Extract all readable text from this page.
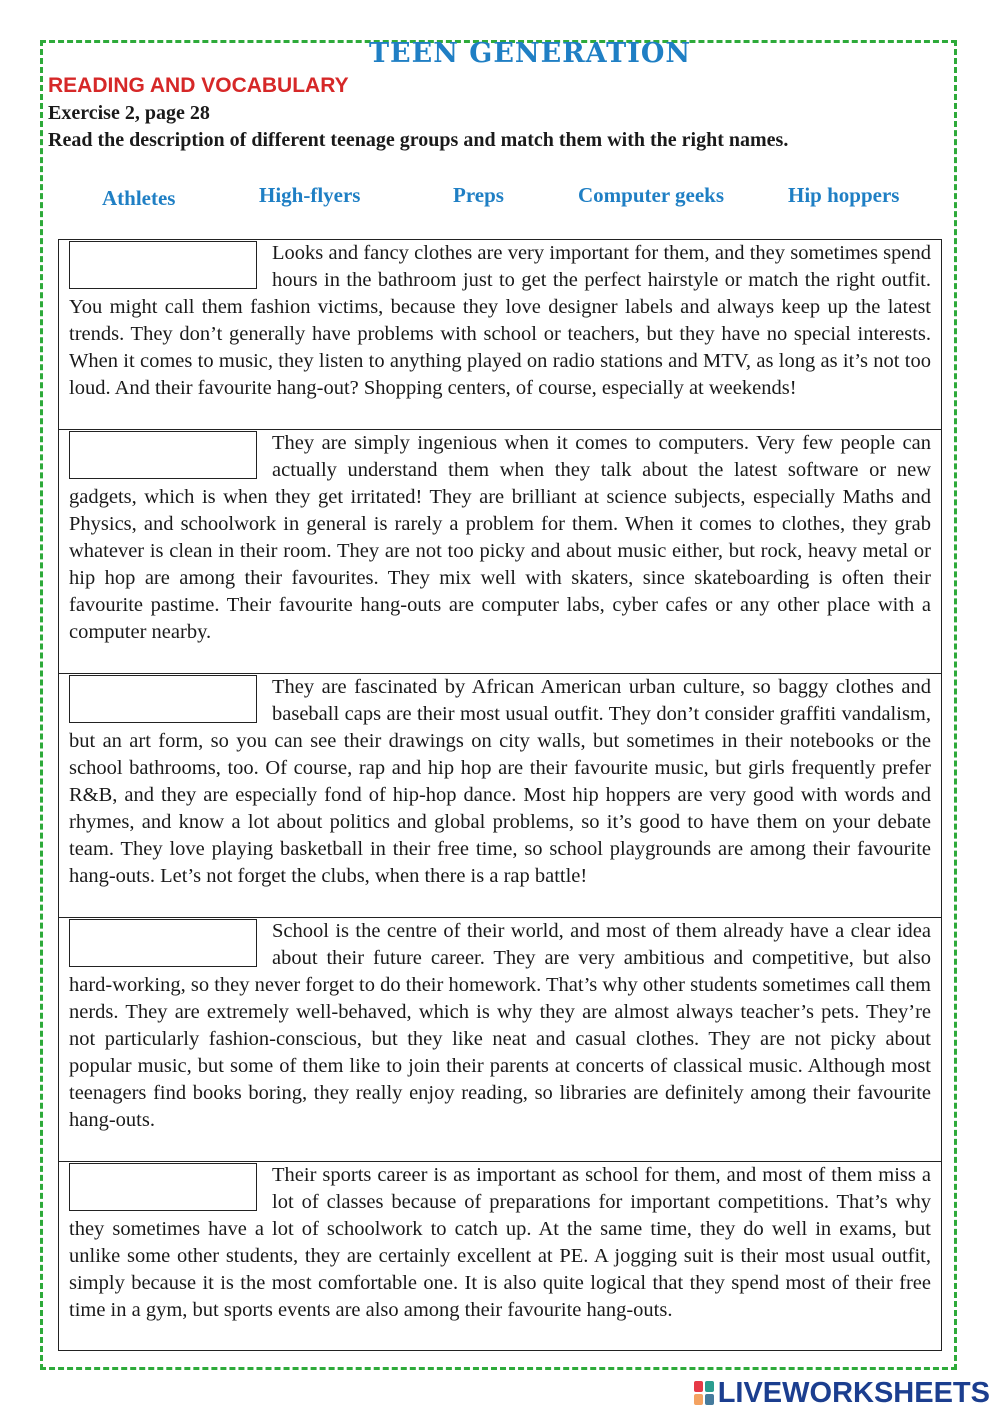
TEEN GENERATION
READING AND VOCABULARY
Exercise 2, page 28
Read the description of different teenage groups and match them with the right names.
Athletes	High-flyers	Preps	Computer geeks	Hip hoppers
Looks and fancy clothes are very important for them, and they sometimes spend hours in the bathroom just to get the perfect hairstyle or match the right outfit. You might call them fashion victims, because they love designer labels and always keep up the latest trends. They don’t generally have problems with school or teachers, but they have no special interests. When it comes to music, they listen to anything played on radio stations and MTV, as long as it’s not too loud. And their favourite hang-out? Shopping centers, of course, especially at weekends!
They are simply ingenious when it comes to computers. Very few people can actually understand them when they talk about the latest software or new gadgets, which is when they get irritated! They are brilliant at science subjects, especially Maths and Physics, and schoolwork in general is rarely a problem for them. When it comes to clothes, they grab whatever is clean in their room. They are not too picky and about music either, but rock, heavy metal or hip hop are among their favourites. They mix well with skaters, since skateboarding is often their favourite pastime. Their favourite hang-outs are computer labs, cyber cafes or any other place with a computer nearby.
They are fascinated by African American urban culture, so baggy clothes and baseball caps are their most usual outfit. They don’t consider graffiti vandalism, but an art form, so you can see their drawings on city walls, but sometimes in their notebooks or the school bathrooms, too. Of course, rap and hip hop are their favourite music, but girls frequently prefer R&B, and they are especially fond of hip-hop dance. Most hip hoppers are very good with words and rhymes, and know a lot about politics and global problems, so it’s good to have them on your debate team. They love playing basketball in their free time, so school playgrounds are among their favourite hang-outs. Let’s not forget the clubs, when there is a rap battle!
School is the centre of their world, and most of them already have a clear idea about their future career. They are very ambitious and competitive, but also hard-working, so they never forget to do their homework. That’s why other students sometimes call them nerds. They are extremely well-behaved, which is why they are almost always teacher’s pets. They’re not particularly fashion-conscious, but they like neat and casual clothes. They are not picky about popular music, but some of them like to join their parents at concerts of classical music. Although most teenagers find books boring, they really enjoy reading, so libraries are definitely among their favourite hang-outs.
Their sports career is as important as school for them, and most of them miss a lot of classes because of preparations for important competitions. That’s why they sometimes have a lot of schoolwork to catch up. At the same time, they do well in exams, but unlike some other students, they are certainly excellent at PE. A jogging suit is their most usual outfit, simply because it is the most comfortable one. It is also quite logical that they spend most of their free time in a gym, but sports events are also among their favourite hang-outs.
LIVEWORKSHEETS
